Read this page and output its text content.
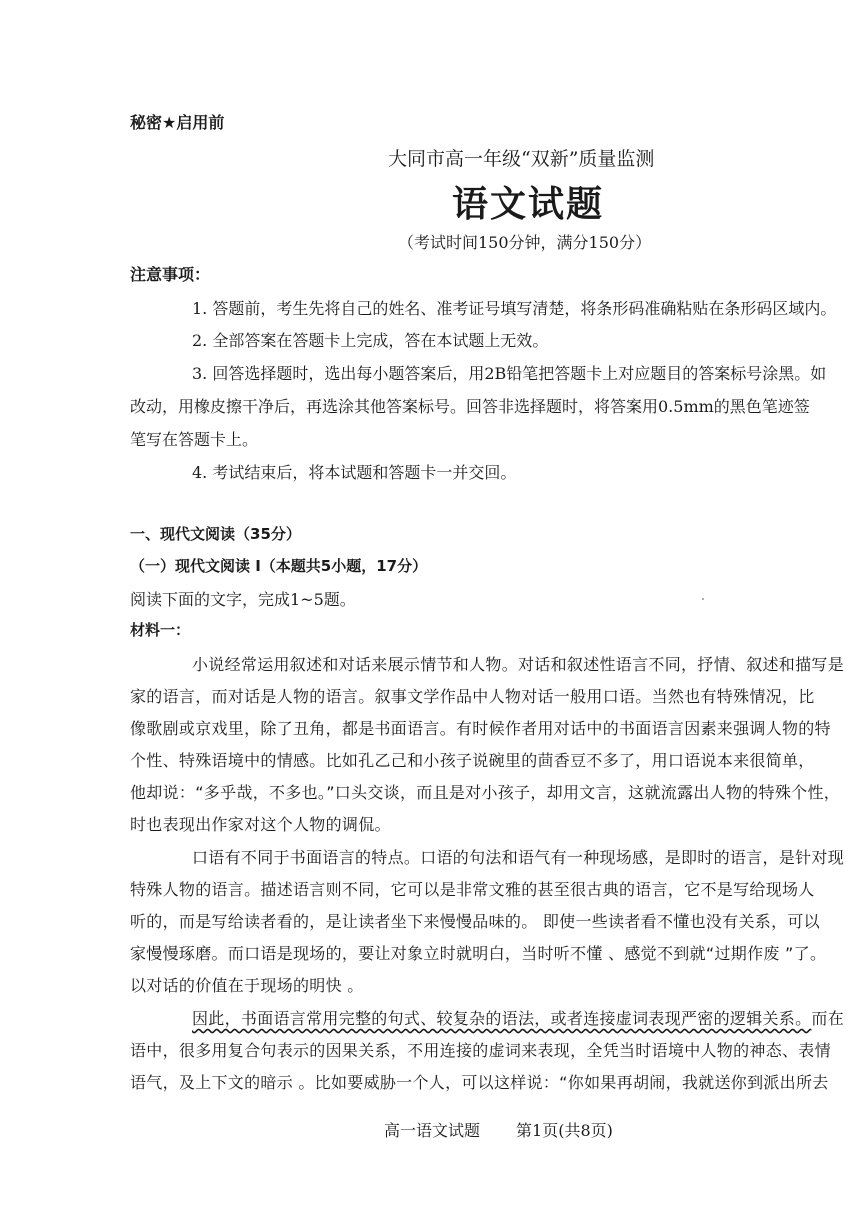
秘密★启用前
大同市高一年级“双新”质量监测
语文试题
（考试时间150分钟，满分150分）
注意事项：
1. 答题前，考生先将自己的姓名、准考证号填写清楚，将条形码准确粘贴在条形码区域内。
2. 全部答案在答题卡上完成，答在本试题上无效。
3. 回答选择题时，选出每小题答案后，用2B铅笔把答题卡上对应题目的答案标号涂黑。如
改动，用橡皮擦干净后，再选涂其他答案标号。回答非选择题时，将答案用0.5mm的黑色笔迹签
笔写在答题卡上。
4. 考试结束后，将本试题和答题卡一并交回。
一、现代文阅读（35分）
（一）现代文阅读 I（本题共5小题，17分）
阅读下面的文字，完成1~5题。
材料一：
小说经常运用叙述和对话来展示情节和人物。对话和叙述性语言不同，抒情、叙述和描写是
家的语言，而对话是人物的语言。叙事文学作品中人物对话一般用口语。当然也有特殊情况，比
像歌剧或京戏里，除了丑角，都是书面语言。有时候作者用对话中的书面语言因素来强调人物的特
个性、特殊语境中的情感。比如孔乙己和小孩子说碗里的茴香豆不多了，用口语说本来很简单，
他却说：“多乎哉，不多也。”口头交谈，而且是对小孩子，却用文言，这就流露出人物的特殊个性，
时也表现出作家对这个人物的调侃。
口语有不同于书面语言的特点。口语的句法和语气有一种现场感，是即时的语言，是针对现
特殊人物的语言。描述语言则不同，它可以是非常文雅的甚至很古典的语言，它不是写给现场人
听的，而是写给读者看的，是让读者坐下来慢慢品味的。 即使一些读者看不懂也没有关系，可以
家慢慢琢磨。而口语是现场的，要让对象立时就明白，当时听不懂 、感觉不到就“过期作废 ”了。
以对话的价值在于现场的明快 。
因此，书面语言常用完整的句式、较复杂的语法，或者连接虚词表现严密的逻辑关系。而在
语中，很多用复合句表示的因果关系，不用连接的虚词来表现，全凭当时语境中人物的神态、表情
语气，及上下文的暗示 。比如要威胁一个人，可以这样说：“你如果再胡闹，我就送你到派出所去
高一语文试题 第1页(共8页)
